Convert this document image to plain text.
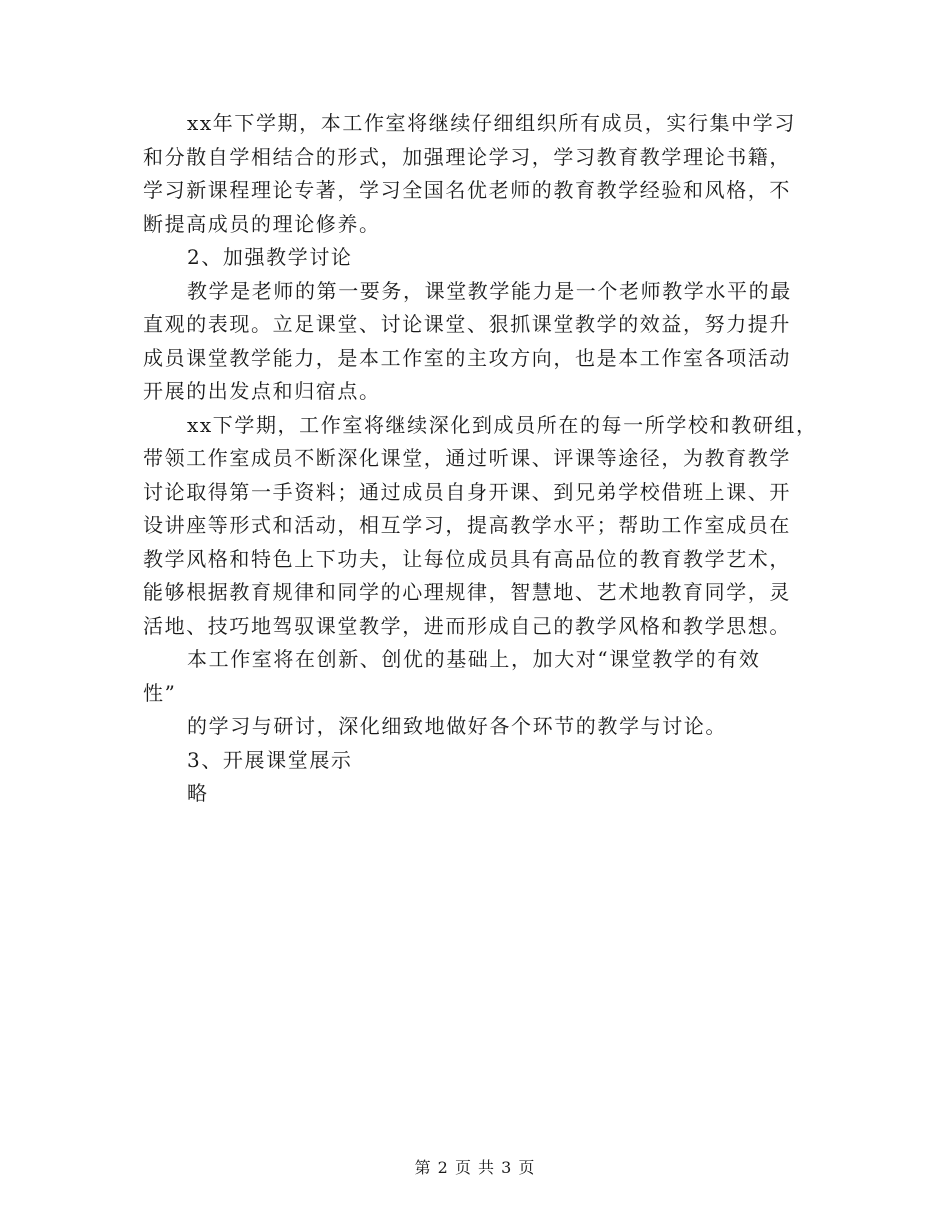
xx年下学期，本工作室将继续仔细组织所有成员，实行集中学习
和分散自学相结合的形式，加强理论学习，学习教育教学理论书籍，
学习新课程理论专著，学习全国名优老师的教育教学经验和风格，不
断提高成员的理论修养。
2、加强教学讨论
教学是老师的第一要务，课堂教学能力是一个老师教学水平的最
直观的表现。立足课堂、讨论课堂、狠抓课堂教学的效益，努力提升
成员课堂教学能力，是本工作室的主攻方向，也是本工作室各项活动
开展的出发点和归宿点。
xx下学期，工作室将继续深化到成员所在的每一所学校和教研组，
带领工作室成员不断深化课堂，通过听课、评课等途径，为教育教学
讨论取得第一手资料；通过成员自身开课、到兄弟学校借班上课、开
设讲座等形式和活动，相互学习，提高教学水平；帮助工作室成员在
教学风格和特色上下功夫，让每位成员具有高品位的教育教学艺术，
能够根据教育规律和同学的心理规律，智慧地、艺术地教育同学，灵
活地、技巧地驾驭课堂教学，进而形成自己的教学风格和教学思想。
本工作室将在创新、创优的基础上，加大对“课堂教学的有效
性”
的学习与研讨，深化细致地做好各个环节的教学与讨论。
3、开展课堂展示
略
第 2 页 共 3 页
